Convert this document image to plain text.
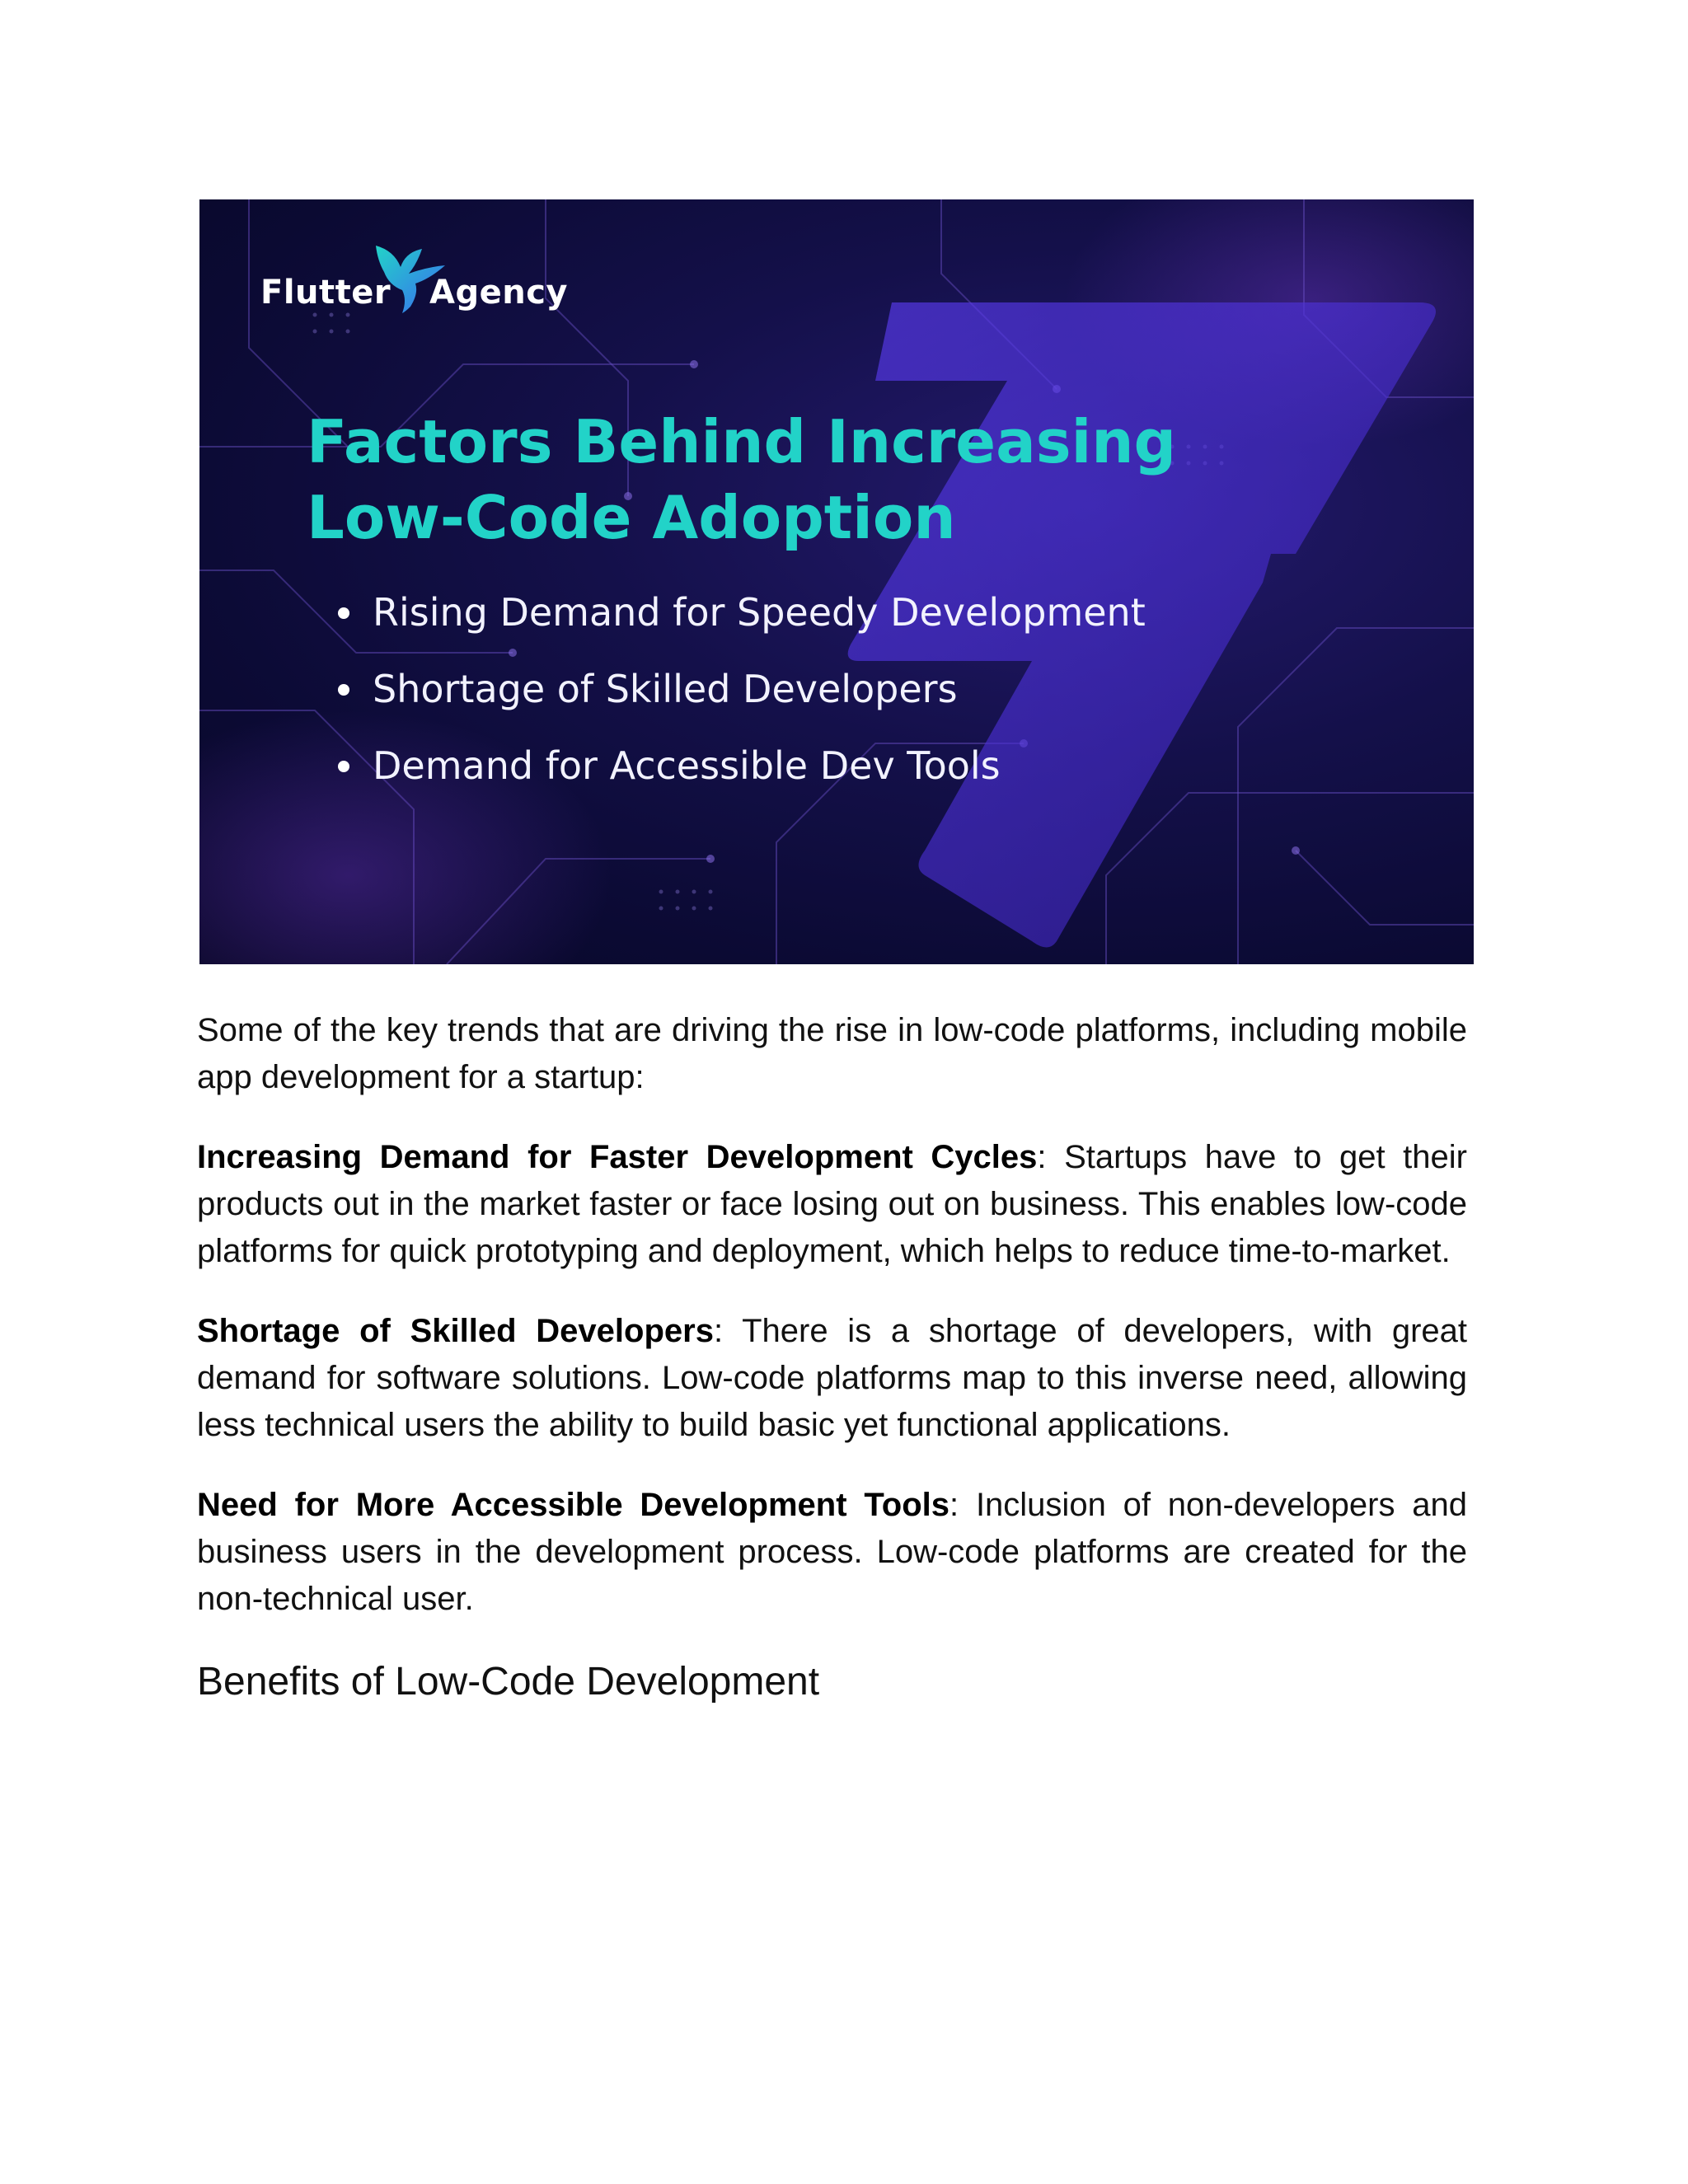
Flutter Agency
Factors Behind Increasing
Low-Code Adoption
Rising Demand for Speedy Development
Shortage of Skilled Developers
Demand for Accessible Dev Tools

Some of the key trends that are driving the rise in low-code platforms, including mobile app development for a startup:

Increasing Demand for Faster Development Cycles: Startups have to get their products out in the market faster or face losing out on business. This enables low-code platforms for quick prototyping and deployment, which helps to reduce time-to-market.

Shortage of Skilled Developers: There is a shortage of developers, with great demand for software solutions. Low-code platforms map to this inverse need, allowing less technical users the ability to build basic yet functional applications.

Need for More Accessible Development Tools: Inclusion of non-developers and business users in the development process. Low-code platforms are created for the non-technical user.

Benefits of Low-Code Development
